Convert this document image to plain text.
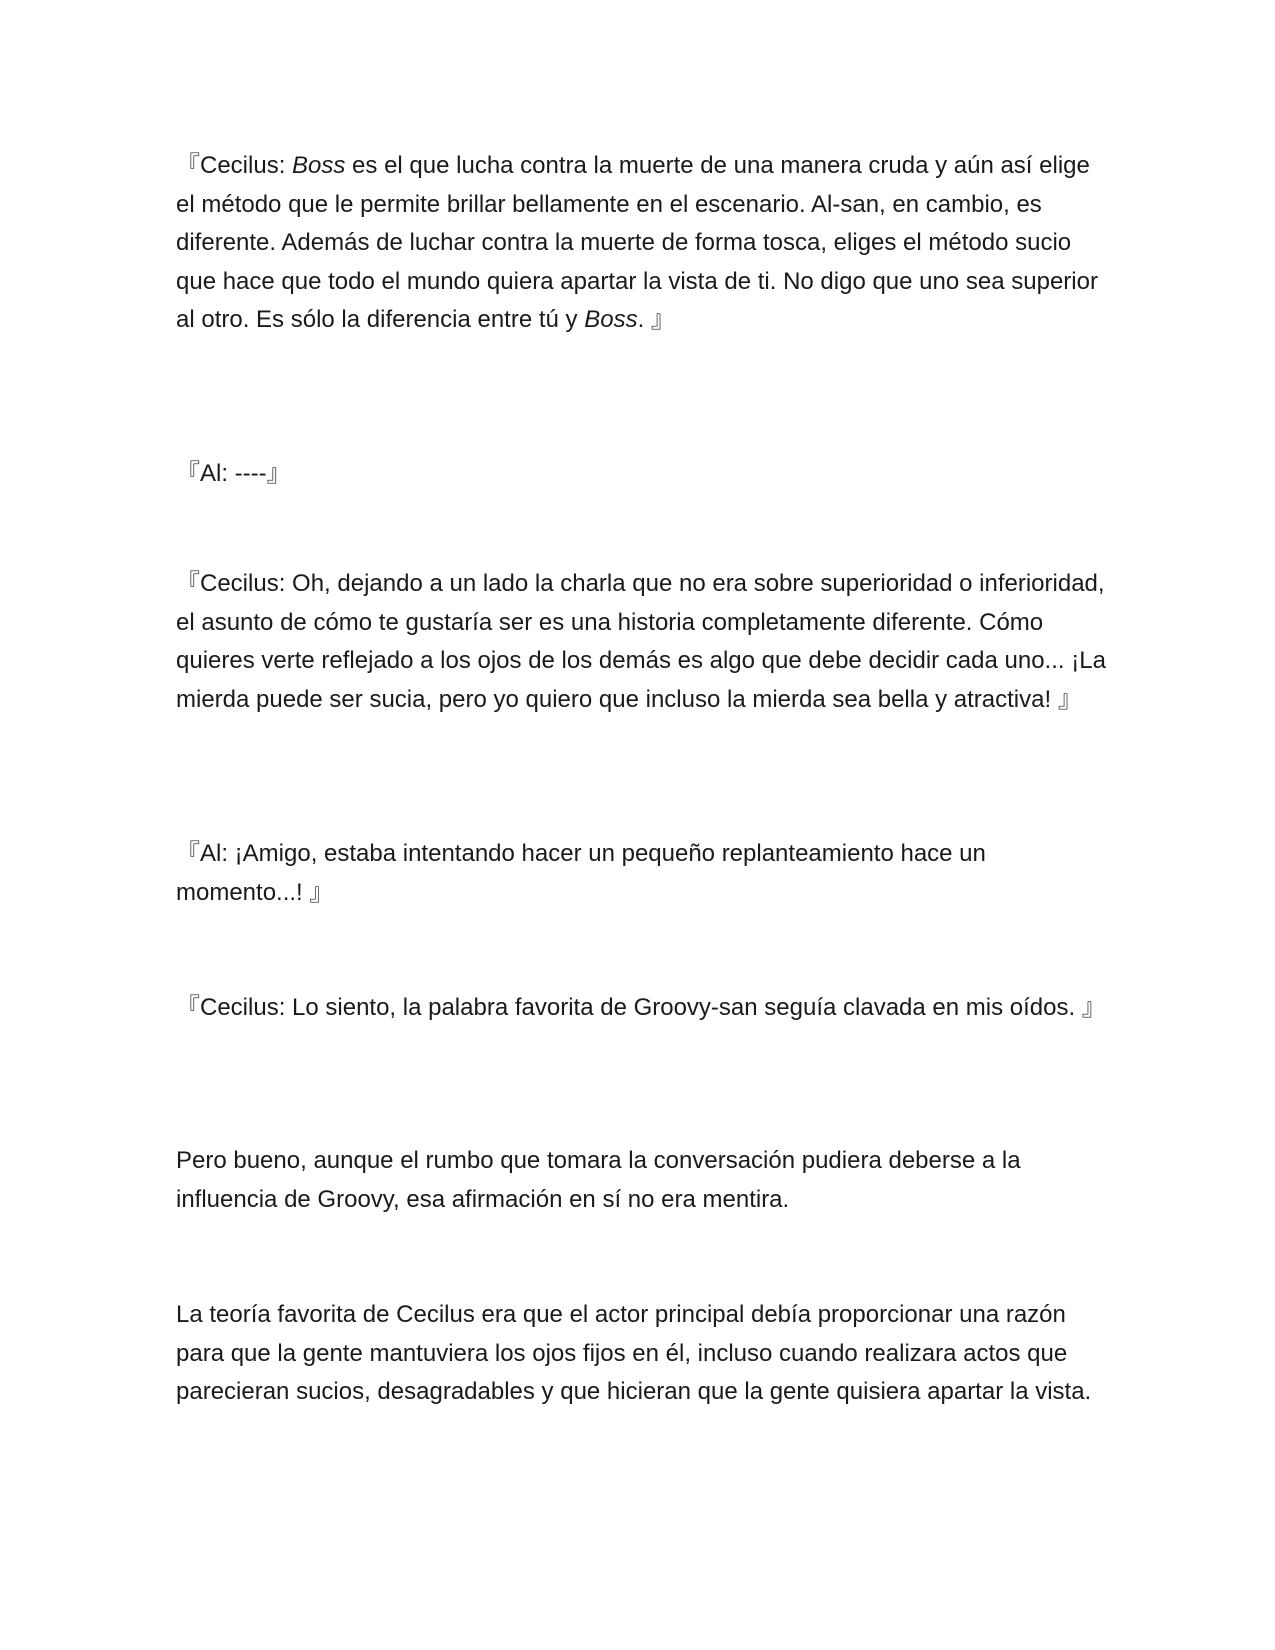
『Cecilus: Boss es el que lucha contra la muerte de una manera cruda y aún así elige el método que le permite brillar bellamente en el escenario. Al-san, en cambio, es diferente. Además de luchar contra la muerte de forma tosca, eliges el método sucio que hace que todo el mundo quiera apartar la vista de ti. No digo que uno sea superior al otro. Es sólo la diferencia entre tú y Boss. 』

『Al: ----』

『Cecilus: Oh, dejando a un lado la charla que no era sobre superioridad o inferioridad, el asunto de cómo te gustaría ser es una historia completamente diferente. Cómo quieres verte reflejado a los ojos de los demás es algo que debe decidir cada uno... ¡La mierda puede ser sucia, pero yo quiero que incluso la mierda sea bella y atractiva! 』

『Al: ¡Amigo, estaba intentando hacer un pequeño replanteamiento hace un momento...! 』

『Cecilus: Lo siento, la palabra favorita de Groovy-san seguía clavada en mis oídos. 』

Pero bueno, aunque el rumbo que tomara la conversación pudiera deberse a la influencia de Groovy, esa afirmación en sí no era mentira.

La teoría favorita de Cecilus era que el actor principal debía proporcionar una razón para que la gente mantuviera los ojos fijos en él, incluso cuando realizara actos que parecieran sucios, desagradables y que hicieran que la gente quisiera apartar la vista.
